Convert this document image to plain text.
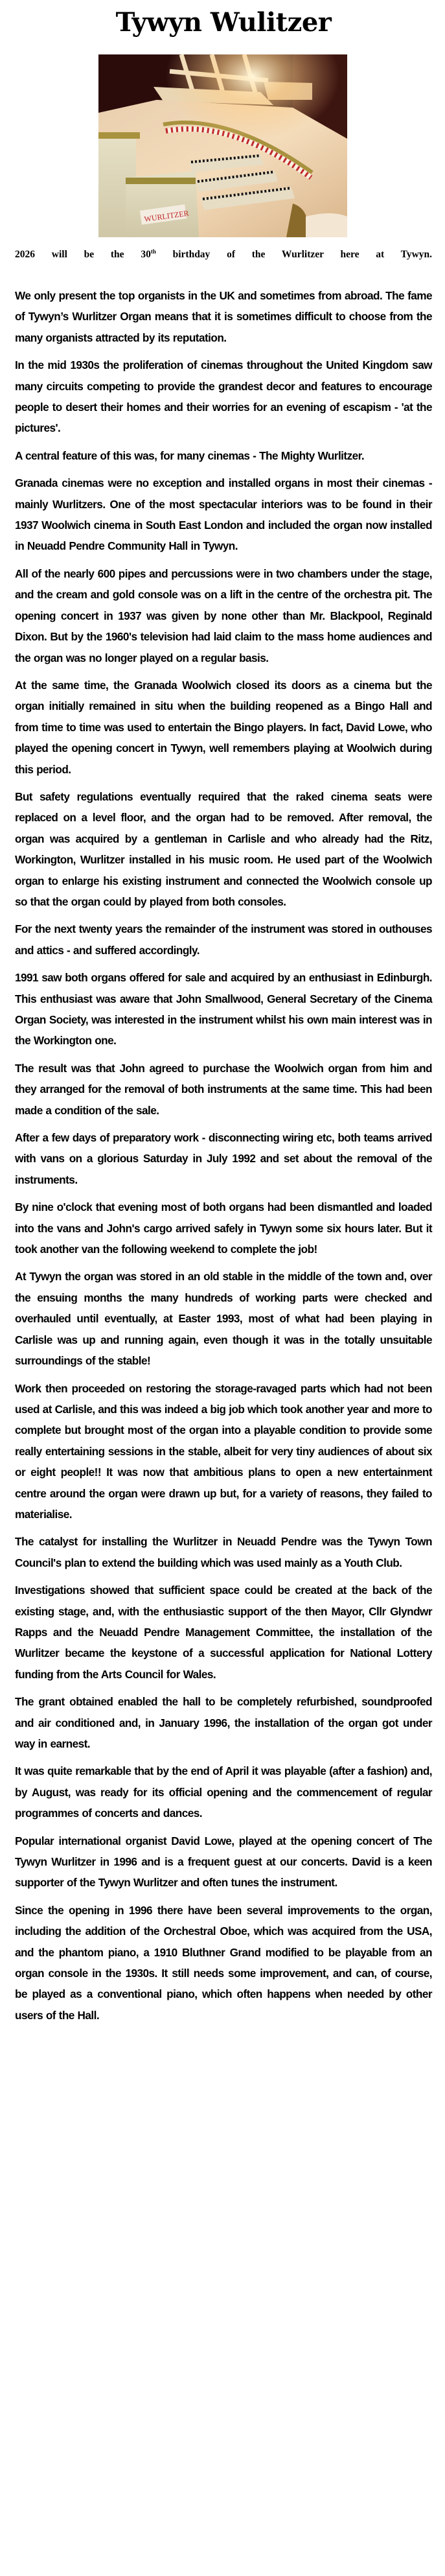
Tywyn Wulitzer

2026 will be the 30th birthday of the Wurlitzer here at Tywyn.

We only present the top organists in the UK and sometimes from abroad. The fame of Tywyn’s Wurlitzer Organ means that it is sometimes difficult to choose from the many organists attracted by its reputation.

In the mid 1930s the proliferation of cinemas throughout the United Kingdom saw many circuits competing to provide the grandest decor and features to encourage people to desert their homes and their worries for an evening of escapism - 'at the pictures'.

A central feature of this was, for many cinemas - The Mighty Wurlitzer.

Granada cinemas were no exception and installed organs in most their cinemas - mainly Wurlitzers. One of the most spectacular interiors was to be found in their 1937 Woolwich cinema in South East London and included the organ now installed in Neuadd Pendre Community Hall in Tywyn.

All of the nearly 600 pipes and percussions were in two chambers under the stage, and the cream and gold console was on a lift in the centre of the orchestra pit. The opening concert in 1937 was given by none other than Mr. Blackpool, Reginald Dixon. But by the 1960's television had laid claim to the mass home audiences and the organ was no longer played on a regular basis.

At the same time, the Granada Woolwich closed its doors as a cinema but the organ initially remained in situ when the building reopened as a Bingo Hall and from time to time was used to entertain the Bingo players. In fact, David Lowe, who played the opening concert in Tywyn, well remembers playing at Woolwich during this period.

But safety regulations eventually required that the raked cinema seats were replaced on a level floor, and the organ had to be removed. After removal, the organ was acquired by a gentleman in Carlisle and who already had the Ritz, Workington, Wurlitzer installed in his music room. He used part of the Woolwich organ to enlarge his existing instrument and connected the Woolwich console up so that the organ could by played from both consoles.

For the next twenty years the remainder of the instrument was stored in outhouses and attics - and suffered accordingly.

1991 saw both organs offered for sale and acquired by an enthusiast in Edinburgh. This enthusiast was aware that John Smallwood, General Secretary of the Cinema Organ Society, was interested in the instrument whilst his own main interest was in the Workington one.

The result was that John agreed to purchase the Woolwich organ from him and they arranged for the removal of both instruments at the same time. This had been made a condition of the sale.

After a few days of preparatory work - disconnecting wiring etc, both teams arrived with vans on a glorious Saturday in July 1992 and set about the removal of the instruments.

By nine o'clock that evening most of both organs had been dismantled and loaded into the vans and John's cargo arrived safely in Tywyn some six hours later. But it took another van the following weekend to complete the job!

At Tywyn the organ was stored in an old stable in the middle of the town and, over the ensuing months the many hundreds of working parts were checked and overhauled until eventually, at Easter 1993, most of what had been playing in Carlisle was up and running again, even though it was in the totally unsuitable surroundings of the stable!

Work then proceeded on restoring the storage-ravaged parts which had not been used at Carlisle, and this was indeed a big job which took another year and more to complete but brought most of the organ into a playable condition to provide some really entertaining sessions in the stable, albeit for very tiny audiences of about six or eight people!! It was now that ambitious plans to open a new entertainment centre around the organ were drawn up but, for a variety of reasons, they failed to materialise.

The catalyst for installing the Wurlitzer in Neuadd Pendre was the Tywyn Town Council's plan to extend the building which was used mainly as a Youth Club.

Investigations showed that sufficient space could be created at the back of the existing stage, and, with the enthusiastic support of the then Mayor, Cllr Glyndwr Rapps and the Neuadd Pendre Management Committee, the installation of the Wurlitzer became the keystone of a successful application for National Lottery funding from the Arts Council for Wales.

The grant obtained enabled the hall to be completely refurbished, soundproofed and air conditioned and, in January 1996, the installation of the organ got under way in earnest.

It was quite remarkable that by the end of April it was playable (after a fashion) and, by August, was ready for its official opening and the commencement of regular programmes of concerts and dances.

Popular international organist David Lowe, played at the opening concert of The Tywyn Wurlitzer in 1996 and is a frequent guest at our concerts. David is a keen supporter of the Tywyn Wurlitzer and often tunes the instrument.

Since the opening in 1996 there have been several improvements to the organ, including the addition of the Orchestral Oboe, which was acquired from the USA, and the phantom piano, a 1910 Bluthner Grand modified to be playable from an organ console in the 1930s. It still needs some improvement, and can, of course, be played as a conventional piano, which often happens when needed by other users of the Hall.
